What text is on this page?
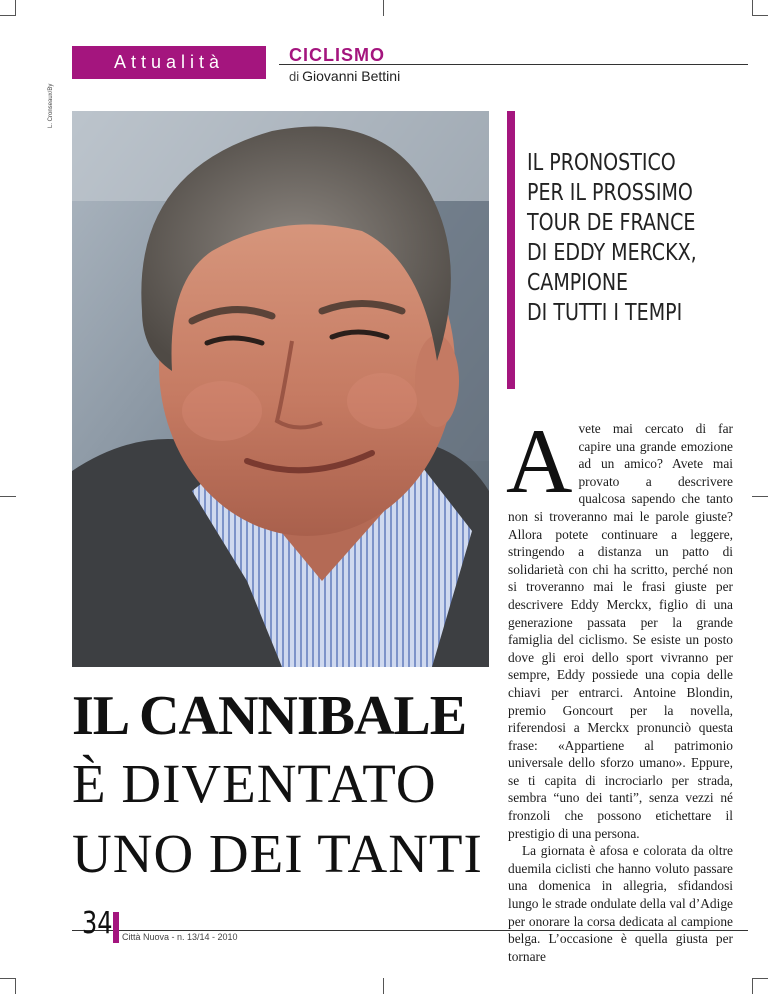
Attualità	CICLISMO
di Giovanni Bettini
L. Cronseaux/By
IL CANNIBALE
È DIVENTATO
UNO DEI TANTI
IL PRONOSTICO
PER IL PROSSIMO
TOUR DE FRANCE
DI EDDY MERCKX,
CAMPIONE
DI TUTTI I TEMPI
A vete mai cercato di far capire una grande emozione ad un amico? Avete mai provato a descrivere qualcosa sapendo che tanto non si troveranno mai le parole giuste? Allora potete continuare a leggere, stringendo a distanza un patto di solidarietà con chi ha scritto, perché non si troveranno mai le frasi giuste per descrivere Eddy Merckx, figlio di una generazione passata per la grande famiglia del ciclismo. Se esiste un posto dove gli eroi dello sport vivranno per sempre, Eddy possiede una copia delle chiavi per entrarci. Antoine Blondin, premio Goncourt per la novella, riferendosi a Merckx pronunciò questa frase: «Appartiene al patrimonio universale dello sforzo umano». Eppure, se ti capita di incrociarlo per strada, sembra “uno dei tanti”, senza vezzi né fronzoli che possono etichettare il prestigio di una persona.

La giornata è afosa e colorata da oltre duemila ciclisti che hanno voluto passare una domenica in allegria, sfidandosi lungo le strade ondulate della val d’Adige per onorare la corsa dedicata al campione belga. L’occasione è quella giusta per tornare

34 Città Nuova - n. 13/14 - 2010
